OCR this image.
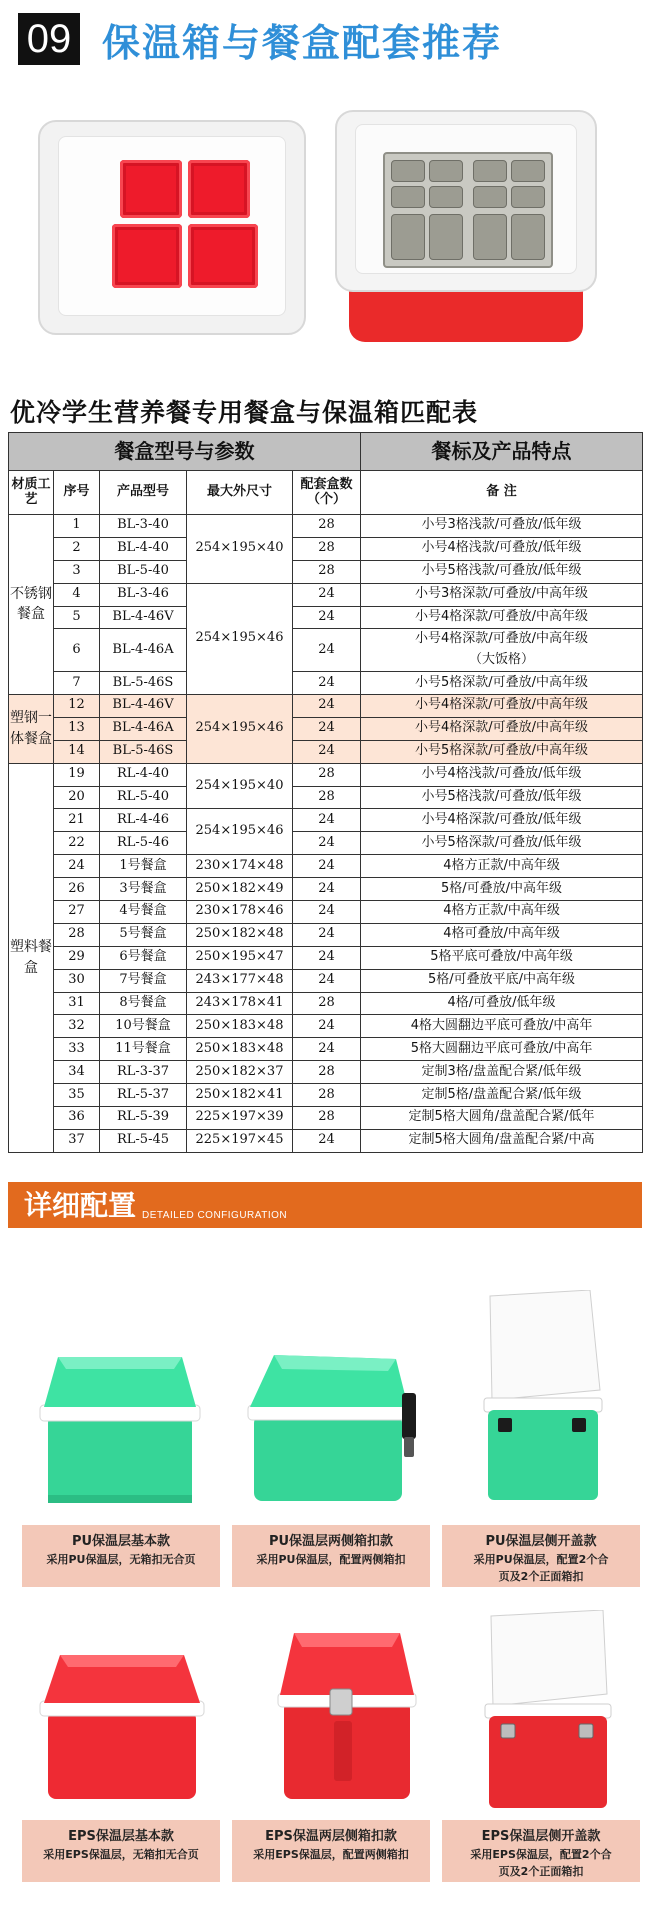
09 保温箱与餐盒配套推荐
优冷学生营养餐专用餐盒与保温箱匹配表
餐盒型号与参数					餐标及产品特点
材质工艺	序号	产品型号	最大外尺寸	配套盒数（个）	备 注
不锈钢餐盒	1	BL-3-40	254×195×40	28	小号3格浅款/可叠放/低年级
	2	BL-4-40		28	小号4格浅款/可叠放/低年级
	3	BL-5-40		28	小号5格浅款/可叠放/低年级
	4	BL-3-46	254×195×46	24	小号3格深款/可叠放/中高年级
	5	BL-4-46V		24	小号4格深款/可叠放/中高年级
	6	BL-4-46A		24	小号4格深款/可叠放/中高年级
（大饭格）

	7	BL-5-46S		24	小号5格深款/可叠放/中高年级
塑钢一体餐盒	12	BL-4-46V	254×195×46	24	小号4格深款/可叠放/中高年级
	13	BL-4-46A		24	小号4格深款/可叠放/中高年级
	14	BL-5-46S		24	小号5格深款/可叠放/中高年级
塑料餐盒	19	RL-4-40	254×195×40	28	小号4格浅款/可叠放/低年级
	20	RL-5-40		28	小号5格浅款/可叠放/低年级
	21	RL-4-46	254×195×46	24	小号4格深款/可叠放/低年级
	22	RL-5-46		24	小号5格深款/可叠放/低年级
	24	1号餐盒	230×174×48	24	4格方正款/中高年级
	26	3号餐盒	250×182×49	24	5格/可叠放/中高年级
	27	4号餐盒	230×178×46	24	4格方正款/中高年级
	28	5号餐盒	250×182×48	24	4格可叠放/中高年级
	29	6号餐盒	250×195×47	24	5格平底可叠放/中高年级
	30	7号餐盒	243×177×48	24	5格/可叠放平底/中高年级
	31	8号餐盒	243×178×41	28	4格/可叠放/低年级
	32	10号餐盒	250×183×48	24	4格大圆翻边平底可叠放/中高年
	33	11号餐盒	250×183×48	24	5格大圆翻边平底可叠放/中高年
	34	RL-3-37	250×182×37	28	定制3格/盘盖配合紧/低年级
	35	RL-5-37	250×182×41	28	定制5格/盘盖配合紧/低年级
	36	RL-5-39	225×197×39	28	定制5格大圆角/盘盖配合紧/低年
	37	RL-5-45	225×197×45	24	定制5格大圆角/盘盖配合紧/中高
详细配置 DETAILED CONFIGURATION
PU保温层基本款
采用PU保温层，无箱扣无合页
PU保温层两侧箱扣款
采用PU保温层，配置两侧箱扣
PU保温层侧开盖款
采用PU保温层，配置2个合
页及2个正面箱扣
EPS保温层基本款
采用EPS保温层，无箱扣无合页
EPS保温两层侧箱扣款
采用EPS保温层，配置两侧箱扣
EPS保温层侧开盖款
采用EPS保温层，配置2个合
页及2个正面箱扣
